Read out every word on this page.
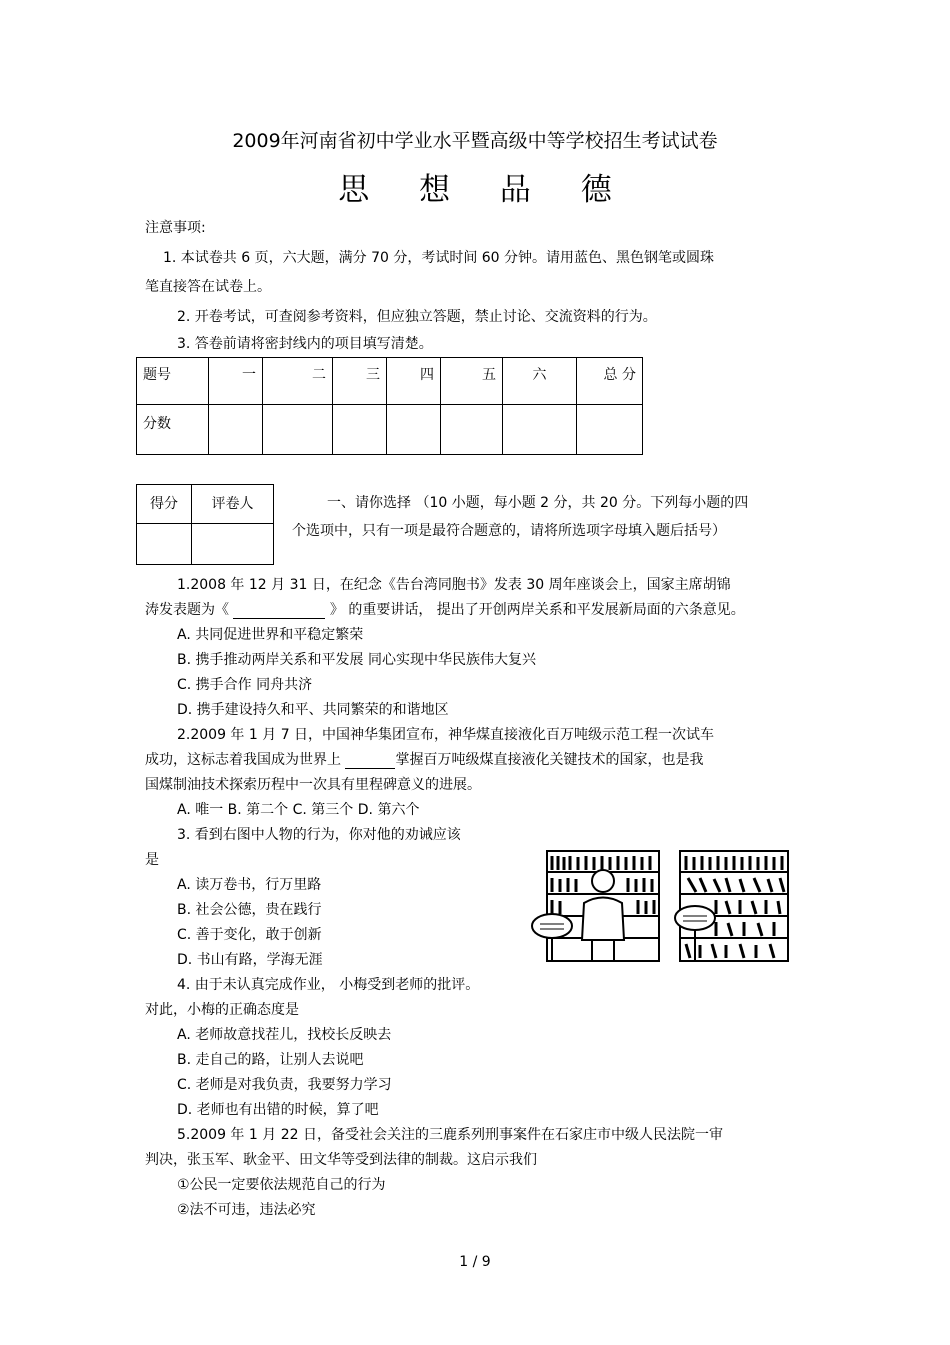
2009年河南省初中学业水平暨高级中等学校招生考试试卷
思 想 品 德
注意事项:
1. 本试卷共 6 页，六大题，满分 70 分，考试时间 60 分钟。请用蓝色、黑色钢笔或圆珠
笔直接答在试卷上。
2. 开卷考试，可查阅参考资料，但应独立答题，禁止讨论、交流资料的行为。
3. 答卷前请将密封线内的项目填写清楚。
题号	一	二	三	四	五	六	总 分
分数							
得分	评卷人
		一、请你选择 （10 小题，每小题 2 分，共 20 分。下列每小题的四
个选项中，只有一项是最符合题意的，请将所选项字母填入题后括号）
1.2008 年 12 月 31 日，在纪念《告台湾同胞书》发表 30 周年座谈会上，国家主席胡锦
涛发表题为《	》 的重要讲话， 提出了开创两岸关系和平发展新局面的六条意见。
A. 共同促进世界和平稳定繁荣
B. 携手推动两岸关系和平发展 同心实现中华民族伟大复兴
C. 携手合作 同舟共济
D. 携手建设持久和平、共同繁荣的和谐地区
2.2009 年 1 月 7 日，中国神华集团宣布，神华煤直接液化百万吨级示范工程一次试车
成功，这标志着我国成为世界上	掌握百万吨级煤直接液化关键技术的国家，也是我
国煤制油技术探索历程中一次具有里程碑意义的进展。
A. 唯一 B. 第二个 C. 第三个 D. 第六个
3. 看到右图中人物的行为，你对他的劝诫应该
是
A. 读万卷书，行万里路
B. 社会公德，贵在践行
C. 善于变化，敢于创新
D. 书山有路，学海无涯
4. 由于未认真完成作业， 小梅受到老师的批评。
对此，小梅的正确态度是
A. 老师故意找茬儿，找校长反映去
B. 走自己的路，让别人去说吧
C. 老师是对我负责，我要努力学习
D. 老师也有出错的时候，算了吧
5.2009 年 1 月 22 日，备受社会关注的三鹿系列刑事案件在石家庄市中级人民法院一审
判决，张玉军、耿金平、田文华等受到法律的制裁。这启示我们
①公民一定要依法规范自己的行为
②法不可违，违法必究
1 / 9
